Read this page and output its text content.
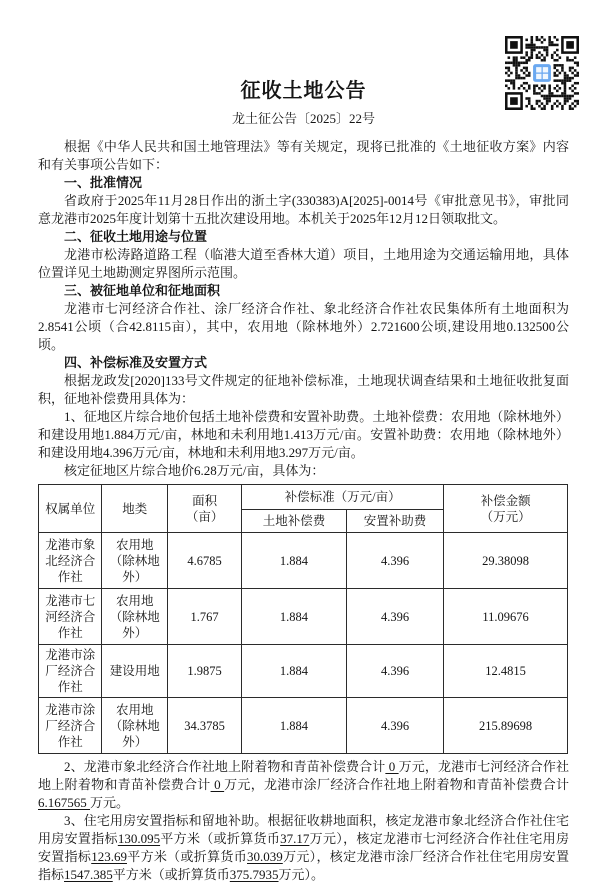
征收土地公告
龙土征公告〔2025〕22号

根据《中华人民共和国土地管理法》等有关规定，现将已批准的《土地征收方案》内容和有关事项公告如下：

一、批准情况

省政府于2025年11月28日作出的浙土字(330383)A[2025]-0014号《审批意见书》，审批同意龙港市2025年度计划第十五批次建设用地。本机关于2025年12月12日领取批文。

二、征收土地用途与位置

龙港市松涛路道路工程（临港大道至香林大道）项目，土地用途为交通运输用地，具体位置详见土地勘测定界图所示范围。

三、被征地单位和征地面积

龙港市七河经济合作社、涂厂经济合作社、象北经济合作社农民集体所有土地面积为2.8541公顷（合42.8115亩），其中，农用地（除林地外）2.721600公顷,建设用地0.132500公顷。

四、补偿标准及安置方式

根据龙政发[2020]133号文件规定的征地补偿标准，土地现状调查结果和土地征收批复面积，征地补偿费用具体为：

1、征地区片综合地价包括土地补偿费和安置补助费。土地补偿费：农用地（除林地外）和建设用地1.884万元/亩，林地和未利用地1.413万元/亩。安置补助费：农用地（除林地外）和建设用地4.396万元/亩，林地和未利用地3.297万元/亩。

核定征地区片综合地价6.28万元/亩，具体为：

权属单位	地类	面积
（亩）	补偿标准（万元/亩）		补偿金额
（万元）
			土地补偿费	安置补助费	
龙港市象北经济合作社	农用地（除林地外）	4.6785	1.884	4.396	29.38098
龙港市七河经济合作社	农用地（除林地外）	1.767	1.884	4.396	11.09676
龙港市涂厂经济合作社	建设用地	1.9875	1.884	4.396	12.4815
龙港市涂厂经济合作社	农用地（除林地外）	34.3785	1.884	4.396	215.89698

2、龙港市象北经济合作社地上附着物和青苗补偿费合计 0 万元，龙港市七河经济合作社地上附着物和青苗补偿费合计 0 万元，龙港市涂厂经济合作社地上附着物和青苗补偿费合计 6.167565 万元。

3、住宅用房安置指标和留地补助。根据征收耕地面积，核定龙港市象北经济合作社住宅用房安置指标130.095平方米（或折算货币37.17万元），核定龙港市七河经济合作社住宅用房安置指标123.69平方米（或折算货币30.039万元），核定龙港市涂厂经济合作社住宅用房安置指标1547.385平方米（或折算货币375.7935万元）。
